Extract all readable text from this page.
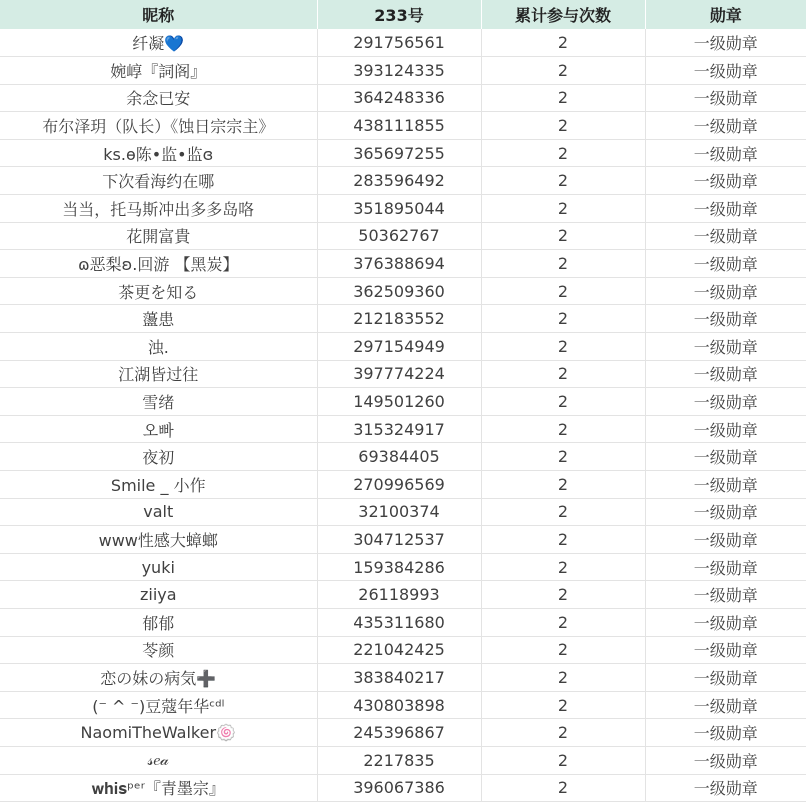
昵称	233号	累计参与次数	勋章
纤凝💙	291756561	2	一级勋章
婉崞『詞阁』	393124335	2	一级勋章
余念已安	364248336	2	一级勋章
布尔泽玥（队长）《蚀日宗宗主》	438111855	2	一级勋章
ks.ɵ陈•监•监ɞ	365697255	2	一级勋章
下次看海约在哪	283596492	2	一级勋章
当当，托马斯冲出多多岛咯	351895044	2	一级勋章
花開富貴	50362767	2	一级勋章
ɷ恶梨ʚ.回游 【黑炭】	376388694	2	一级勋章
茶更を知る	362509360	2	一级勋章
蘯患	212183552	2	一级勋章
浊.	297154949	2	一级勋章
江湖皆过往	397774224	2	一级勋章
雪绪	149501260	2	一级勋章
오빠	315324917	2	一级勋章
夜初	69384405	2	一级勋章
Smile _ 小作	270996569	2	一级勋章
valt	32100374	2	一级勋章
www性感大蟑螂	304712537	2	一级勋章
yuki	159384286	2	一级勋章
ziiya	26118993	2	一级勋章
郁郁	435311680	2	一级勋章
苓颜	221042425	2	一级勋章
恋の妹の病気➕	383840217	2	一级勋章
(⁻ ^ ⁻)豆蔻年华ᶜᵈˡ	430803898	2	一级勋章
NaomiTheWalker🍥	245396867	2	一级勋章
𝓈𝑒𝒶	2217835	2	一级勋章
𝐰𝐡𝐢𝐬ᵖᵉʳ『青墨宗』	396067386	2	一级勋章
